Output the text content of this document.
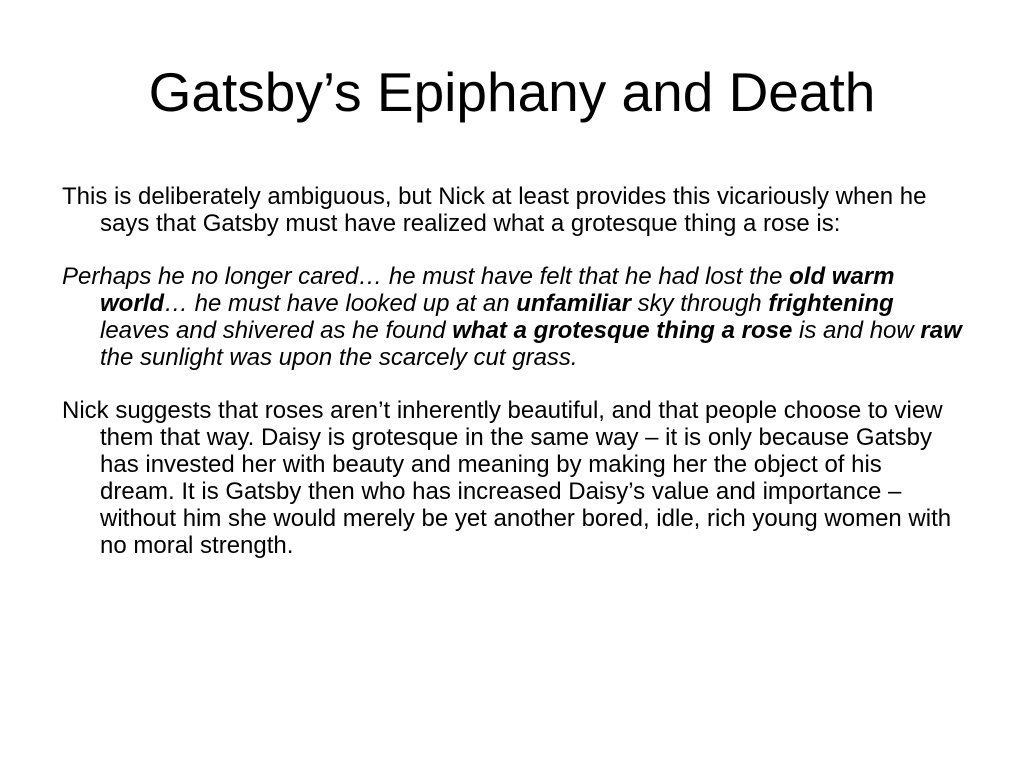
Gatsby’s Epiphany and Death

This is deliberately ambiguous, but Nick at least provides this vicariously when he says that Gatsby must have realized what a grotesque thing a rose is:

Perhaps he no longer cared… he must have felt that he had lost the old warm world… he must have looked up at an unfamiliar sky through frightening leaves and shivered as he found what a grotesque thing a rose is and how raw the sunlight was upon the scarcely cut grass.

Nick suggests that roses aren’t inherently beautiful, and that people choose to view them that way. Daisy is grotesque in the same way – it is only because Gatsby has invested her with beauty and meaning by making her the object of his dream. It is Gatsby then who has increased Daisy’s value and importance – without him she would merely be yet another bored, idle, rich young women with no moral strength.
